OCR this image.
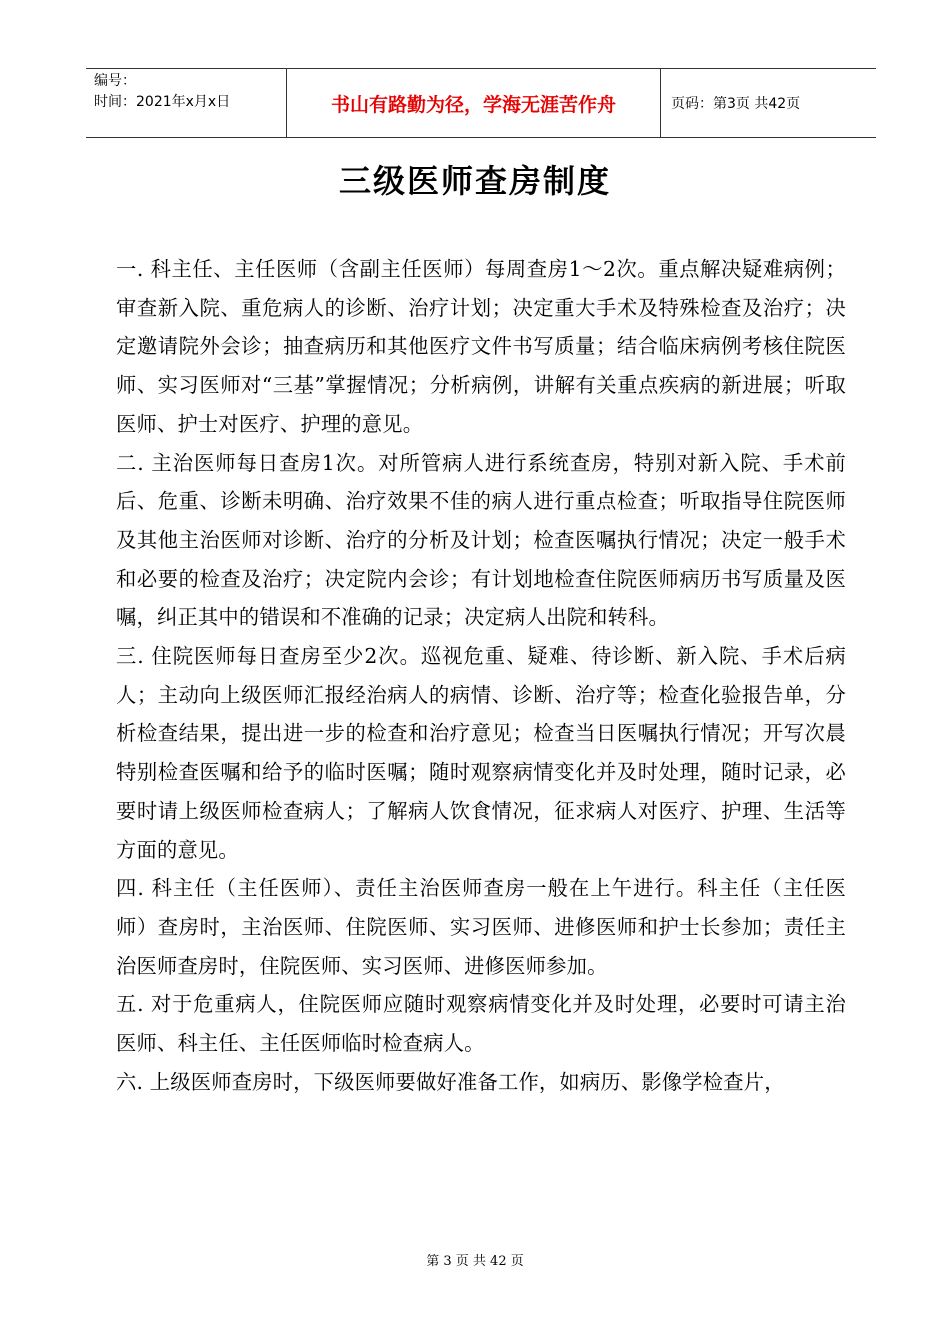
编号：
时间：2021年x月x日	书山有路勤为径，学海无涯苦作舟	页码：第3页 共42页
三级医师查房制度

一. 科主任、主任医师（含副主任医师）每周查房1～2次。重点解决疑难病例；审查新入院、重危病人的诊断、治疗计划；决定重大手术及特殊检查及治疗；决定邀请院外会诊；抽查病历和其他医疗文件书写质量；结合临床病例考核住院医师、实习医师对“三基”掌握情况；分析病例，讲解有关重点疾病的新进展；听取医师、护士对医疗、护理的意见。

二. 主治医师每日查房1次。对所管病人进行系统查房，特别对新入院、手术前后、危重、诊断未明确、治疗效果不佳的病人进行重点检查；听取指导住院医师及其他主治医师对诊断、治疗的分析及计划；检查医嘱执行情况；决定一般手术和必要的检查及治疗；决定院内会诊；有计划地检查住院医师病历书写质量及医嘱，纠正其中的错误和不准确的记录；决定病人出院和转科。

三. 住院医师每日查房至少2次。巡视危重、疑难、待诊断、新入院、手术后病人；主动向上级医师汇报经治病人的病情、诊断、治疗等；检查化验报告单，分析检查结果，提出进一步的检查和治疗意见；检查当日医嘱执行情况；开写次晨特别检查医嘱和给予的临时医嘱；随时观察病情变化并及时处理，随时记录，必要时请上级医师检查病人；了解病人饮食情况，征求病人对医疗、护理、生活等方面的意见。

四. 科主任（主任医师）、责任主治医师查房一般在上午进行。科主任（主任医师）查房时，主治医师、住院医师、实习医师、进修医师和护士长参加；责任主治医师查房时，住院医师、实习医师、进修医师参加。

五. 对于危重病人，住院医师应随时观察病情变化并及时处理，必要时可请主治医师、科主任、主任医师临时检查病人。

六. 上级医师查房时，下级医师要做好准备工作，如病历、影像学检查片，

第 3 页 共 42 页
